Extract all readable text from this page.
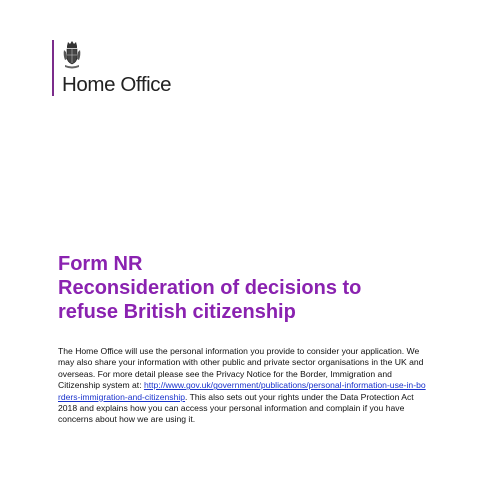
Home Office
Form NR
Reconsideration of decisions to
refuse British citizenship
The Home Office will use the personal information you provide to consider your application. We may also share your information with other public and private sector organisations in the UK and overseas. For more detail please see the Privacy Notice for the Border, Immigration and Citizenship system at: http://www.gov.uk/government/publications/personal-information-use-in-borders-immigration-and-citizenship. This also sets out your rights under the Data Protection Act 2018 and explains how you can access your personal information and complain if you have concerns about how we are using it.
